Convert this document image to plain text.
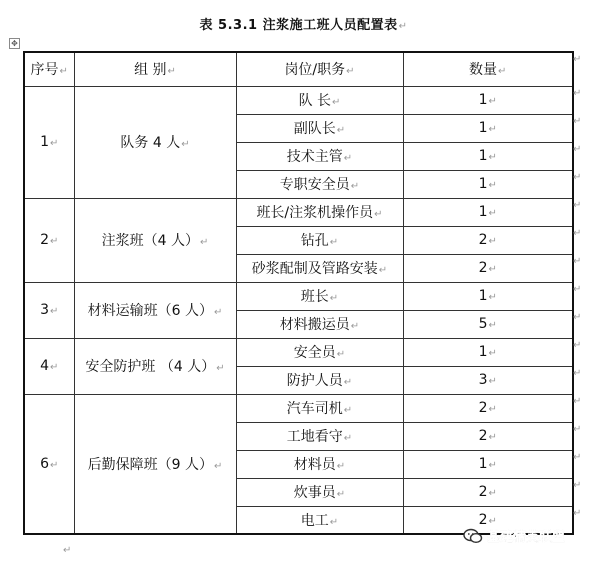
表 5.3.1 注浆施工班人员配置表↵
✥
序号↵	组 别↵	岗位/职务↵	数量↵
1↵	队务 4 人↵	队 长↵	1↵
		副队长↵	1↵
		技术主管↵	1↵
		专职安全员↵	1↵
2↵	注浆班（4 人）↵	班长/注浆机操作员↵	1↵
		钻孔↵	2↵
		砂浆配制及管路安装↵	2↵
3↵	材料运输班（6 人）↵	班长↵	1↵
		材料搬运员↵	5↵
4↵	安全防护班 （4 人）↵	安全员↵	1↵
		防护人员↵	3↵
6↵	后勤保障班（9 人）↵	汽车司机↵	2↵
		工地看守↵	2↵
		材料员↵	1↵
		炊事员↵	2↵
		电工↵	2↵
↵
↵
↵
↵
↵
↵
↵
↵
↵
↵
↵
↵
↵
↵
↵
↵
↵
↵
基建精英联盟
